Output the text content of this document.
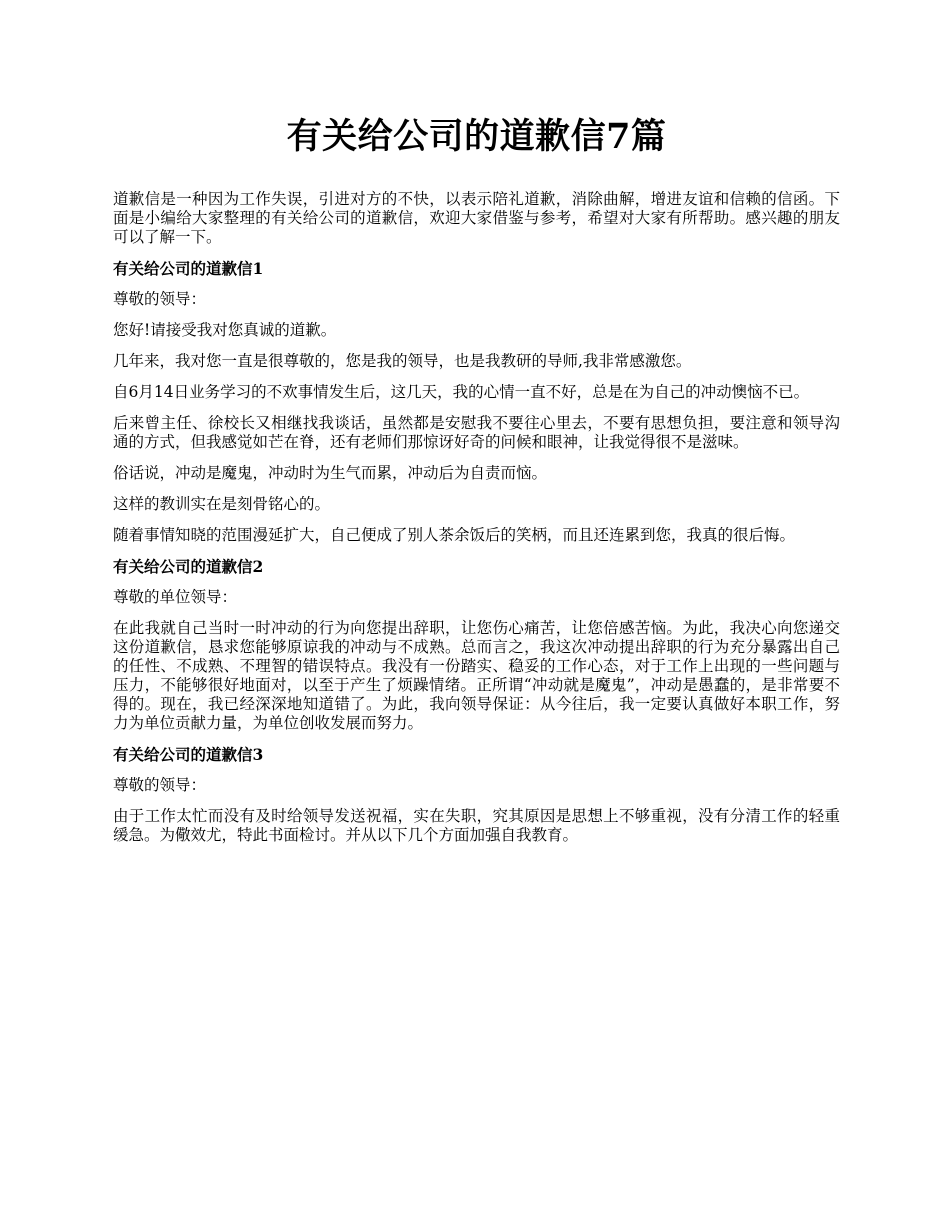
有关给公司的道歉信7篇

道歉信是一种因为工作失误，引进对方的不快，以表示陪礼道歉，消除曲解，增进友谊和信赖的信函。下面是小编给大家整理的有关给公司的道歉信，欢迎大家借鉴与参考，希望对大家有所帮助。感兴趣的朋友可以了解一下。

有关给公司的道歉信1

尊敬的领导：

您好!请接受我对您真诚的道歉。

几年来，我对您一直是很尊敬的，您是我的领导，也是我教研的导师,我非常感激您。

自6月14日业务学习的不欢事情发生后，这几天，我的心情一直不好，总是在为自己的冲动懊恼不已。

后来曾主任、徐校长又相继找我谈话，虽然都是安慰我不要往心里去，不要有思想负担，要注意和领导沟通的方式，但我感觉如芒在脊，还有老师们那惊讶好奇的问候和眼神，让我觉得很不是滋味。

俗话说，冲动是魔鬼，冲动时为生气而累，冲动后为自责而恼。

这样的教训实在是刻骨铭心的。

随着事情知晓的范围漫延扩大，自己便成了别人茶余饭后的笑柄，而且还连累到您，我真的很后悔。

有关给公司的道歉信2

尊敬的单位领导：

在此我就自己当时一时冲动的行为向您提出辞职，让您伤心痛苦，让您倍感苦恼。为此，我决心向您递交这份道歉信，恳求您能够原谅我的冲动与不成熟。总而言之，我这次冲动提出辞职的行为充分暴露出自己的任性、不成熟、不理智的错误特点。我没有一份踏实、稳妥的工作心态，对于工作上出现的一些问题与压力，不能够很好地面对，以至于产生了烦躁情绪。正所谓“冲动就是魔鬼”，冲动是愚蠢的，是非常要不得的。现在，我已经深深地知道错了。为此，我向领导保证：从今往后，我一定要认真做好本职工作，努力为单位贡献力量，为单位创收发展而努力。

有关给公司的道歉信3

尊敬的领导：

由于工作太忙而没有及时给领导发送祝福，实在失职，究其原因是思想上不够重视，没有分清工作的轻重缓急。为儆效尤，特此书面检讨。并从以下几个方面加强自我教育。
